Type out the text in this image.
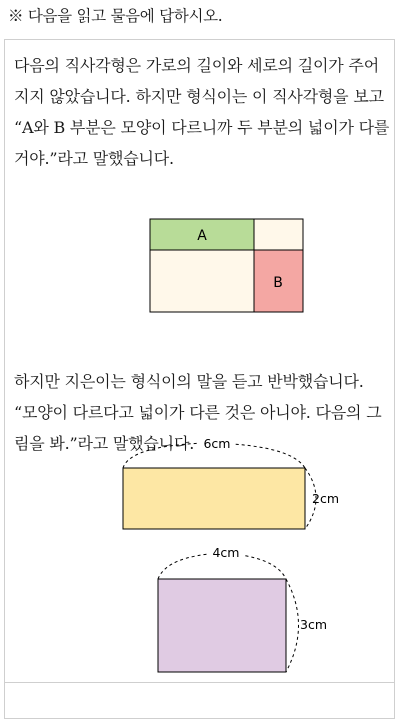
※ 다음을 읽고 물음에 답하시오.

다음의 직사각형은 가로의 길이와 세로의 길이가 주어지지 않았습니다. 하지만 형식이는 이 직사각형을 보고 “A와 B 부분은 모양이 다르니까 두 부분의 넓이가 다를 거야.”라고 말했습니다.

A
B

하지만 지은이는 형식이의 말을 듣고 반박했습니다. “모양이 다르다고 넓이가 다른 것은 아니야. 다음의 그림을 봐.”라고 말했습니다. 6cm
2cm
4cm
3cm
